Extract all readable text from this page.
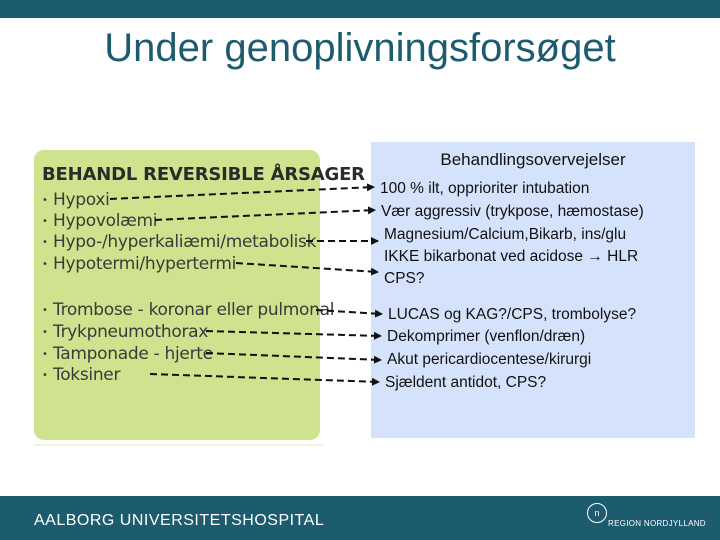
Under genoplivningsforsøget
BEHANDL REVERSIBLE ÅRSAGER
• Hypoxi
• Hypovolæmi
• Hypo-/hyperkaliæmi/metabolisk
• Hypotermi/hypertermi
• Trombose - koronar eller pulmonal
• Trykpneumothorax
• Tamponade - hjerte
• Toksiner
Behandlingsovervejelser
100 % ilt, opprioriter intubation
Vær aggressiv (trykpose, hæmostase)
Magnesium/Calcium,Bikarb, ins/glu
IKKE bikarbonat ved acidose → HLR
CPS?
LUCAS og KAG?/CPS, trombolyse?
Dekomprimer (venflon/dræn)
Akut pericardiocentese/kirurgi
Sjældent antidot, CPS?
AALBORG UNIVERSITETSHOSPITAL	n
REGION NORDJYLLAND
